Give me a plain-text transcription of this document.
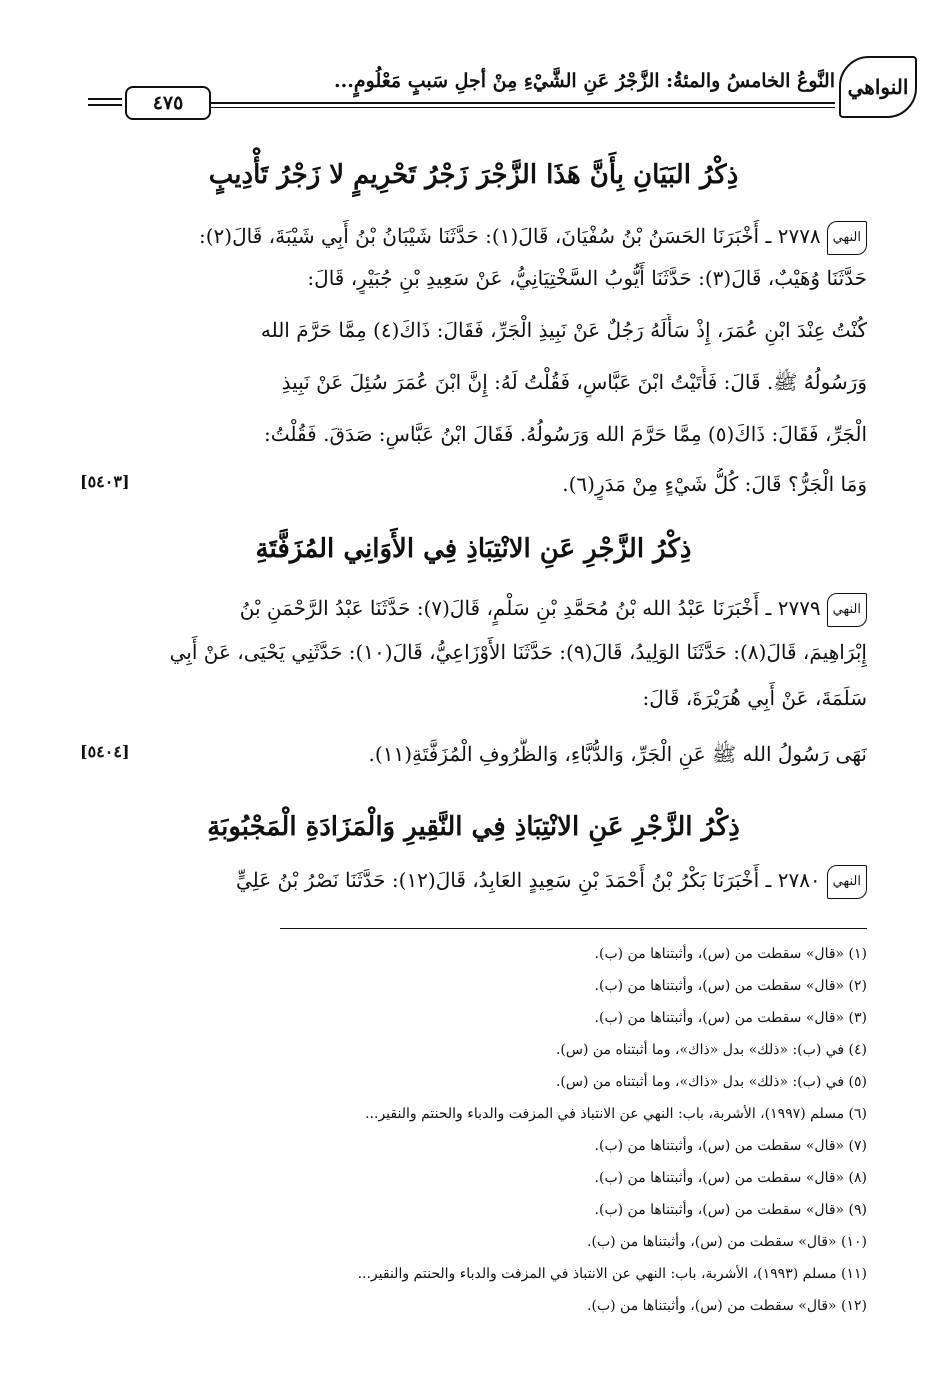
النواهي
النَّوعُ الخامسُ والمئةُ: الزَّجْرُ عَنِ الشَّيْءِ مِنْ أجلِ سَببٍ مَعْلُومٍ...
٤٧٥
ذِكْرُ البَيَانِ بِأَنَّ هَذَا الزَّجْرَ زَجْرُ تَحْرِيمٍ لا زَجْرُ تَأْدِيبٍ
النهي٢٧٧٨ ـ أَخْبَرَنَا الحَسَنُ بْنُ سُفْيَانَ، قَالَ(١): حَدَّثَنَا شَيْبَانُ بْنُ أَبِي شَيْبَةَ، قَالَ(٢):
حَدَّثَنَا وُهَيْبٌ، قَالَ(٣): حَدَّثَنَا أَيُّوبُ السَّخْتِيَانِيُّ، عَنْ سَعِيدِ بْنِ جُبَيْرٍ، قَالَ:
كُنْتُ عِنْدَ ابْنِ عُمَرَ، إِذْ سَأَلَهُ رَجُلٌ عَنْ نَبِيذِ الْجَرِّ، فَقَالَ: ذَاكَ(٤) مِمَّا حَرَّمَ الله
وَرَسُولُهُ ﷺ. قَالَ: فَأَتَيْتُ ابْنَ عَبَّاسٍ، فَقُلْتُ لَهُ: إِنَّ ابْنَ عُمَرَ سُئِلَ عَنْ نَبِيذِ
الْجَرِّ، فَقَالَ: ذَاكَ(٥) مِمَّا حَرَّمَ الله وَرَسُولُهُ. فَقَالَ ابْنُ عَبَّاسٍ: صَدَقَ. فَقُلْتُ:
وَمَا الْجَرُّ؟ قَالَ: كُلُّ شَيْءٍ مِنْ مَدَرٍ(٦).
[٥٤٠٣]
ذِكْرُ الزَّجْرِ عَنِ الانْتِبَاذِ فِي الأَوَانِي المُزَفَّتَةِ
النهي٢٧٧٩ ـ أَخْبَرَنَا عَبْدُ الله بْنُ مُحَمَّدِ بْنِ سَلْمٍ، قَالَ(٧): حَدَّثَنَا عَبْدُ الرَّحْمَنِ بْنُ
إِبْرَاهِيمَ، قَالَ(٨): حَدَّثَنَا الوَلِيدُ، قَالَ(٩): حَدَّثَنَا الأَوْزَاعِيُّ، قَالَ(١٠): حَدَّثَنِي يَحْيَى، عَنْ أَبِي
سَلَمَةَ، عَنْ أَبِي هُرَيْرَةَ، قَالَ:
نَهَى رَسُولُ الله ﷺ عَنِ الْجَرِّ، وَالدُّبَّاءِ، وَالظُّرُوفِ الْمُزَفَّتَةِ(١١).
[٥٤٠٤]
ذِكْرُ الزَّجْرِ عَنِ الانْتِبَاذِ فِي النَّقِيرِ وَالْمَزَادَةِ الْمَجْبُوبَةِ
النهي٢٧٨٠ ـ أَخْبَرَنَا بَكْرُ بْنُ أَحْمَدَ بْنِ سَعِيدٍ العَابِدُ، قَالَ(١٢): حَدَّثَنَا نَصْرُ بْنُ عَلِيٍّ
(١) «قال» سقطت من (س)، وأثبتناها من (ب).
(٢) «قال» سقطت من (س)، وأثبتناها من (ب).
(٣) «قال» سقطت من (س)، وأثبتناها من (ب).
(٤) في (ب): «ذلك» بدل «ذاك»، وما أثبتناه من (س).
(٥) في (ب): «ذلك» بدل «ذاك»، وما أثبتناه من (س).
(٦) مسلم (١٩٩٧)، الأشربة، باب: النهي عن الانتباذ في المزفت والدباء والحنتم والنقير...
(٧) «قال» سقطت من (س)، وأثبتناها من (ب).
(٨) «قال» سقطت من (س)، وأثبتناها من (ب).
(٩) «قال» سقطت من (س)، وأثبتناها من (ب).
(١٠) «قال» سقطت من (س)، وأثبتناها من (ب).
(١١) مسلم (١٩٩٣)، الأشربة، باب: النهي عن الانتباذ في المزفت والدباء والحنتم والنقير...
(١٢) «قال» سقطت من (س)، وأثبتناها من (ب).
